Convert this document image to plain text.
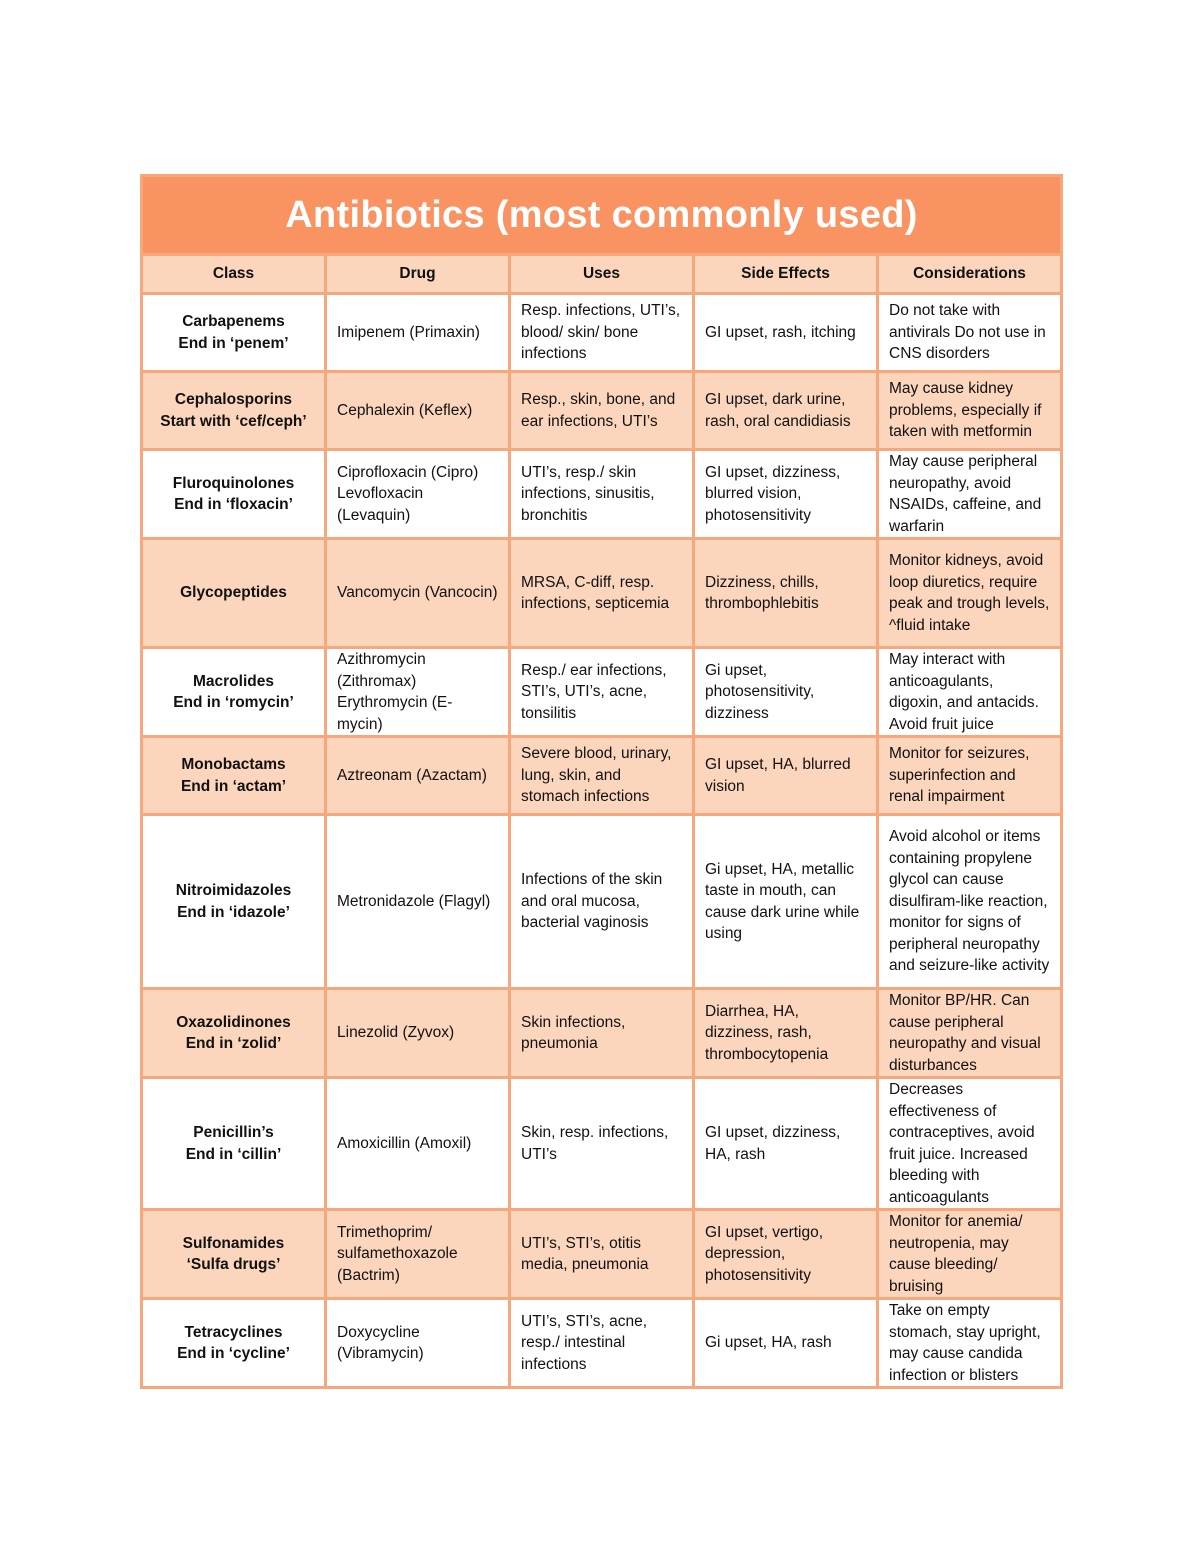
Antibiotics (most commonly used)				
Class	Drug	Uses	Side Effects	Considerations

Carbapenems
End in ‘penem’	Imipenem (Primaxin)	Resp. infections, UTI’s, blood/ skin/ bone infections	GI upset, rash, itching	Do not take with antivirals Do not use in CNS disorders

Cephalosporins
Start with ‘cef/ceph’	Cephalexin (Keflex)	Resp., skin, bone, and ear infections, UTI’s	GI upset, dark urine, rash, oral candidiasis	May cause kidney problems, especially if taken with metformin

Fluroquinolones
End in ‘floxacin’	Ciprofloxacin (Cipro) Levofloxacin (Levaquin)	UTI’s, resp./ skin infections, sinusitis, bronchitis	GI upset, dizziness, blurred vision, photosensitivity	May cause peripheral neuropathy, avoid NSAIDs, caffeine, and warfarin

Glycopeptides	Vancomycin (Vancocin)	MRSA, C-diff, resp. infections, septicemia	Dizziness, chills, thrombophlebitis	Monitor kidneys, avoid loop diuretics, require peak and trough levels, ^fluid intake

Macrolides
End in ‘romycin’	Azithromycin (Zithromax) Erythromycin (E-mycin)	Resp./ ear infections, STI’s, UTI’s, acne, tonsilitis	Gi upset, photosensitivity, dizziness	May interact with anticoagulants, digoxin, and antacids. Avoid fruit juice

Monobactams
End in ‘actam’	Aztreonam (Azactam)	Severe blood, urinary, lung, skin, and stomach infections	GI upset, HA, blurred vision	Monitor for seizures, superinfection and renal impairment

Nitroimidazoles
End in ‘idazole’	Metronidazole (Flagyl)	Infections of the skin and oral mucosa, bacterial vaginosis	Gi upset, HA, metallic taste in mouth, can cause dark urine while using	Avoid alcohol or items containing propylene glycol can cause disulfiram-like reaction, monitor for signs of peripheral neuropathy and seizure-like activity

Oxazolidinones
End in ‘zolid’	Linezolid (Zyvox)	Skin infections, pneumonia	Diarrhea, HA, dizziness, rash, thrombocytopenia	Monitor BP/HR. Can cause peripheral neuropathy and visual disturbances

Penicillin’s
End in ‘cillin’	Amoxicillin (Amoxil)	Skin, resp. infections, UTI’s	GI upset, dizziness, HA, rash	Decreases effectiveness of contraceptives, avoid fruit juice. Increased bleeding with anticoagulants

Sulfonamides
‘Sulfa drugs’	Trimethoprim/ sulfamethoxazole (Bactrim)	UTI’s, STI’s, otitis media, pneumonia	GI upset, vertigo, depression, photosensitivity	Monitor for anemia/ neutropenia, may cause bleeding/ bruising

Tetracyclines
End in ‘cycline’	Doxycycline (Vibramycin)	UTI’s, STI’s, acne, resp./ intestinal infections	Gi upset, HA, rash	Take on empty stomach, stay upright, may cause candida infection or blisters
